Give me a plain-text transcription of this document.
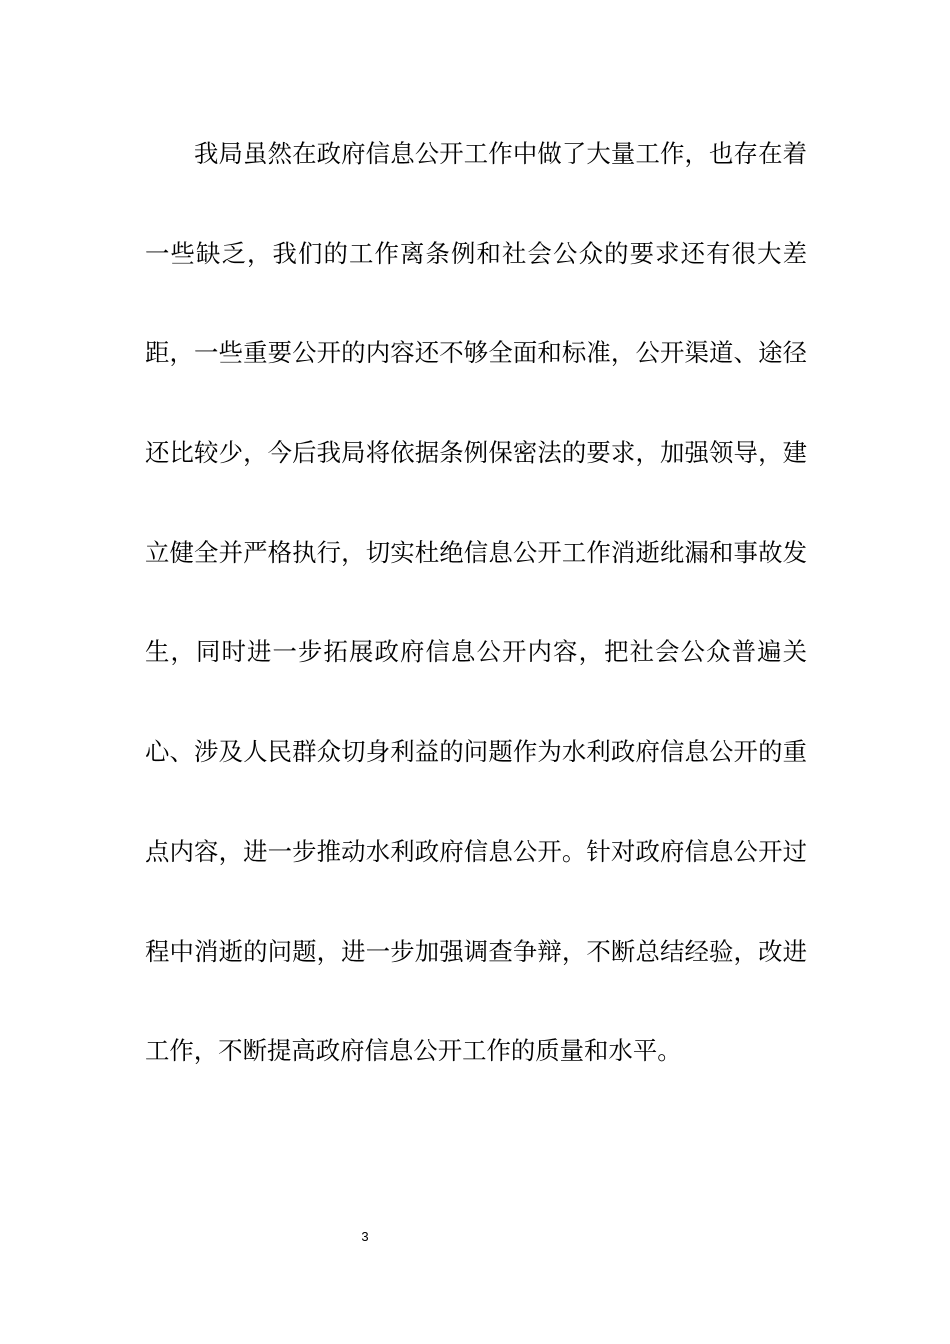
我局虽然在政府信息公开工作中做了大量工作，也存在着
一些缺乏，我们的工作离条例和社会公众的要求还有很大差
距，一些重要公开的内容还不够全面和标准，公开渠道、途径
还比较少，今后我局将依据条例保密法的要求，加强领导，建
立健全并严格执行，切实杜绝信息公开工作消逝纰漏和事故发
生，同时进一步拓展政府信息公开内容，把社会公众普遍关
心、涉及人民群众切身利益的问题作为水利政府信息公开的重
点内容，进一步推动水利政府信息公开。针对政府信息公开过
程中消逝的问题，进一步加强调查争辩，不断总结经验，改进
工作，不断提高政府信息公开工作的质量和水平。
3
